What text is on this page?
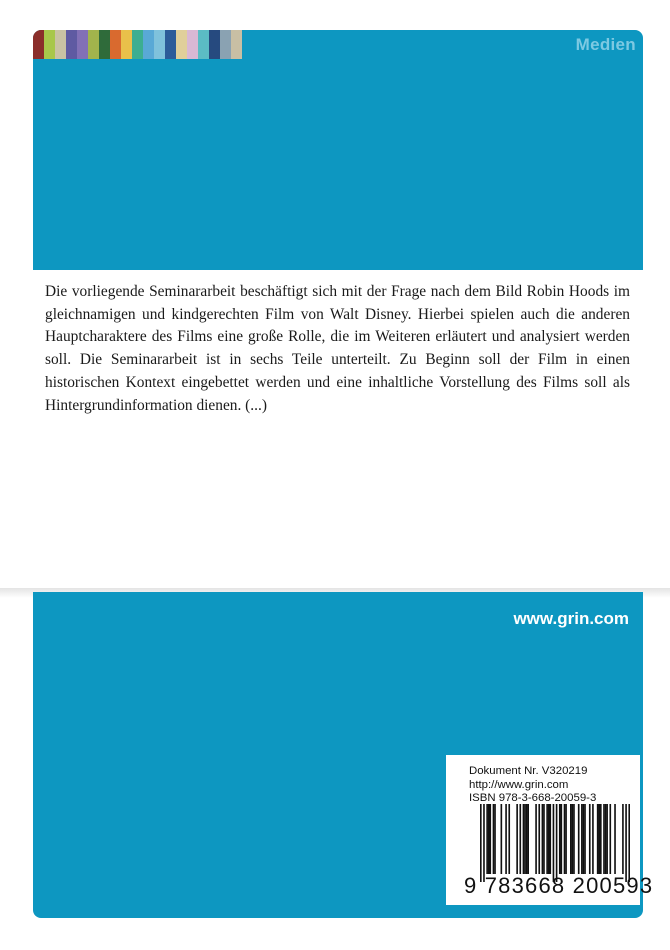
Medien

Die vorliegende Seminararbeit beschäftigt sich mit der Frage nach dem Bild Robin Hoods im gleichnamigen und kindgerechten Film von Walt Disney. Hierbei spielen auch die anderen Hauptcharaktere des Films eine große Rolle, die im Weiteren erläutert und analysiert werden soll. Die Seminararbeit ist in sechs Teile unterteilt. Zu Beginn soll der Film in einen historischen Kontext eingebettet werden und eine inhaltliche Vorstellung des Films soll als Hintergrundinformation dienen. (...)

www.grin.com
Dokument Nr. V320219
http://www.grin.com
ISBN 978-3-668-20059-3
9 783668 200593
